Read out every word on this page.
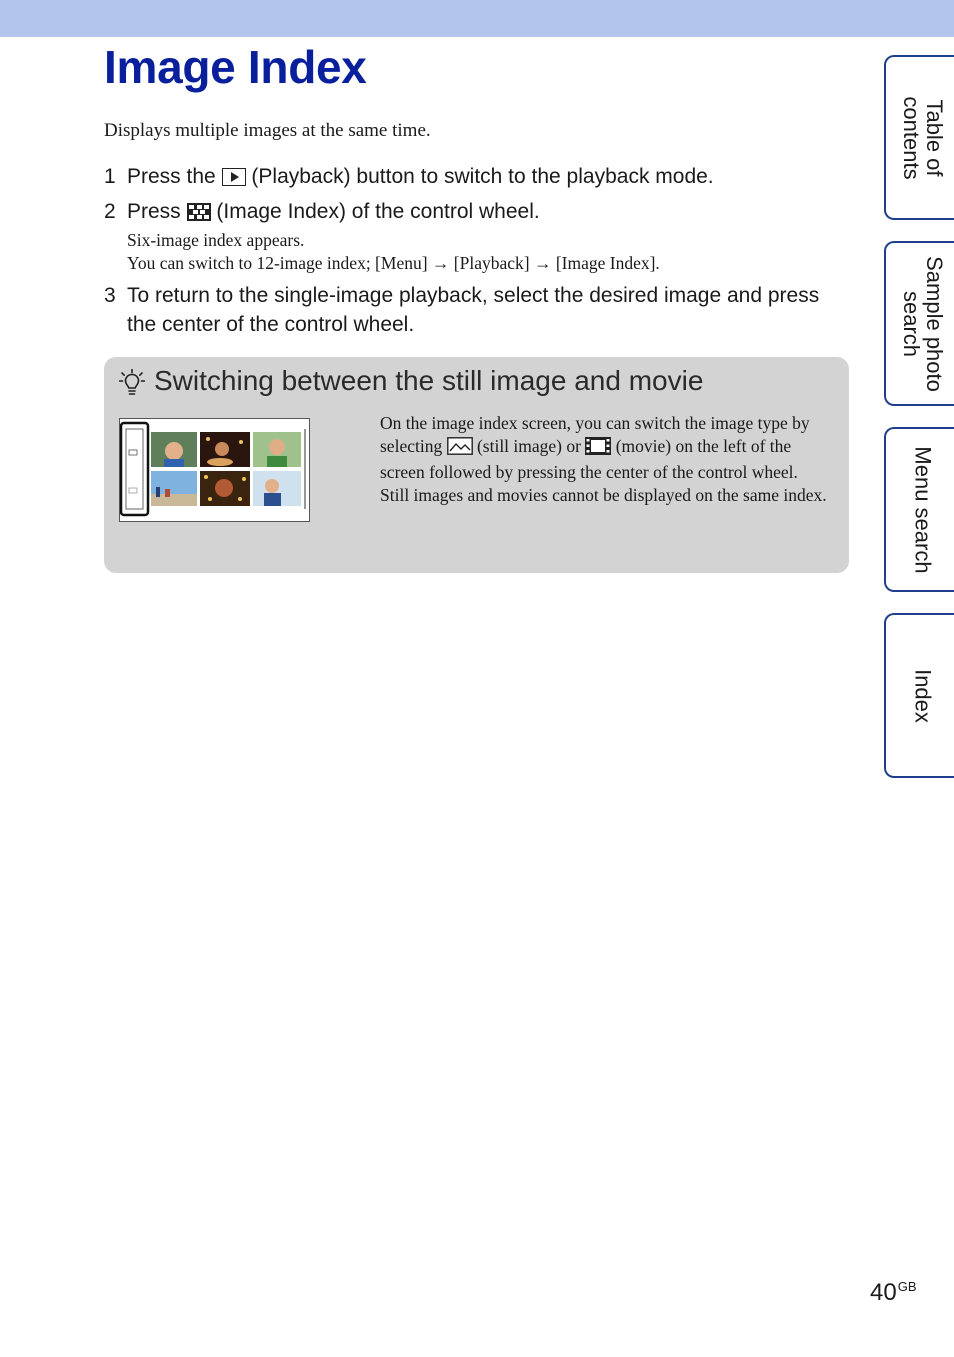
Image Index
Displays multiple images at the same time.
1 Press the (Playback) button to switch to the playback mode.
2 Press (Image Index) of the control wheel.
Six-image index appears.
You can switch to 12-image index; [Menu] → [Playback] → [Image Index].
3 To return to the single-image playback, select the desired image and press the center of the control wheel.
Switching between the still image and movie

On the image index screen, you can switch the image type by selecting (still image) or (movie) on the left of the screen followed by pressing the center of the control wheel.

Still images and movies cannot be displayed on the same index.

Table of
contents
Sample photo
search
Menu search
Index
$40^{GB}$
